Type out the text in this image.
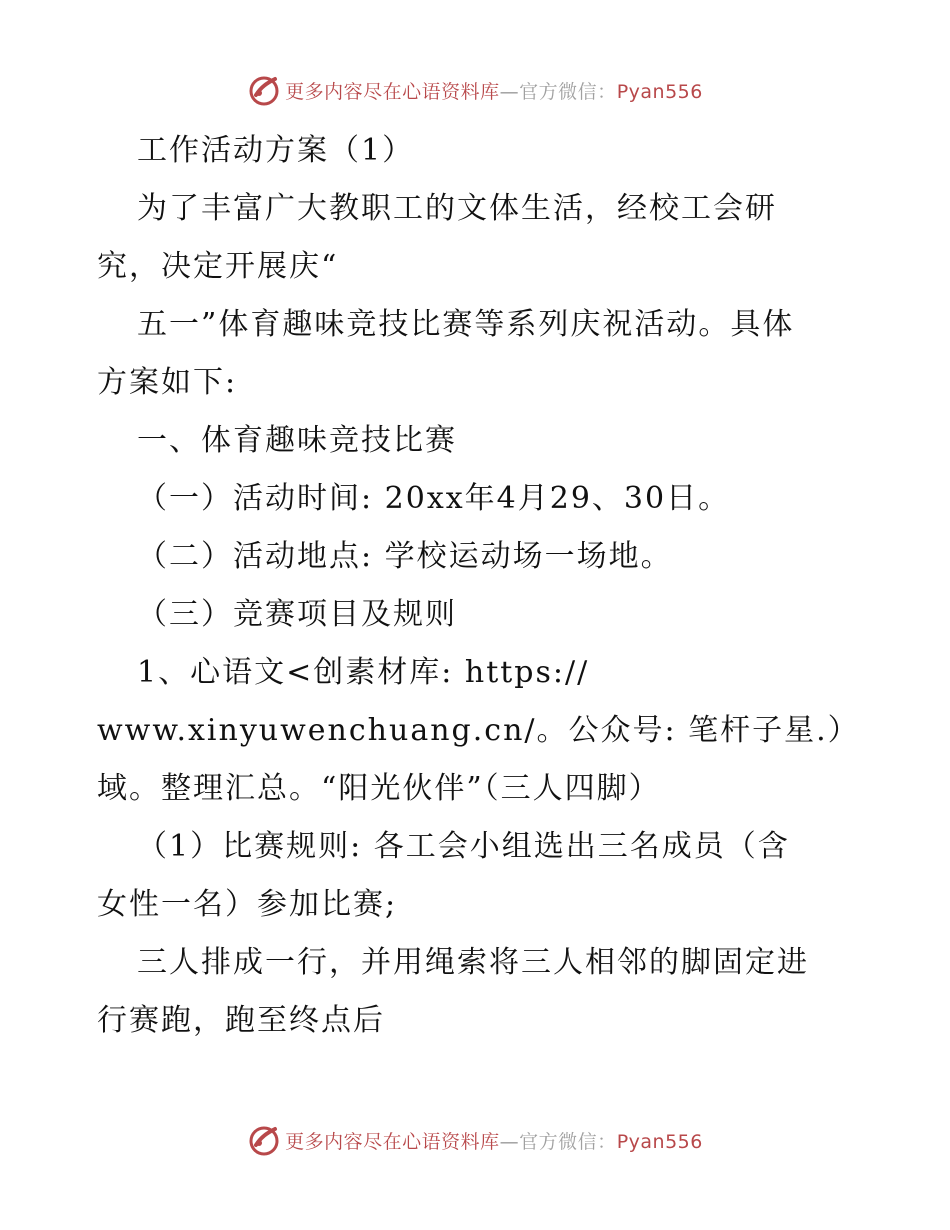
更多内容尽在心语资料库—官方微信：Pyan556
工作活动方案（1）
为了丰富广大教职工的文体生活，经校工会研
究，决定开展庆“
五一”体育趣味竞技比赛等系列庆祝活动。具体
方案如下:
一、体育趣味竞技比赛
（一）活动时间: 20xx年4月29、30日。
（二）活动地点: 学校运动场一场地。
（三）竞赛项目及规则
1、心语文<创素材库: https://
www.xinyuwenchuang.cn/。公众号: 笔杆子星.）
域。整理汇总。“阳光伙伴”（三人四脚）
（1）比赛规则: 各工会小组选出三名成员（含
女性一名）参加比赛;
三人排成一行，并用绳索将三人相邻的脚固定进
行赛跑，跑至终点后
更多内容尽在心语资料库—官方微信：Pyan556
